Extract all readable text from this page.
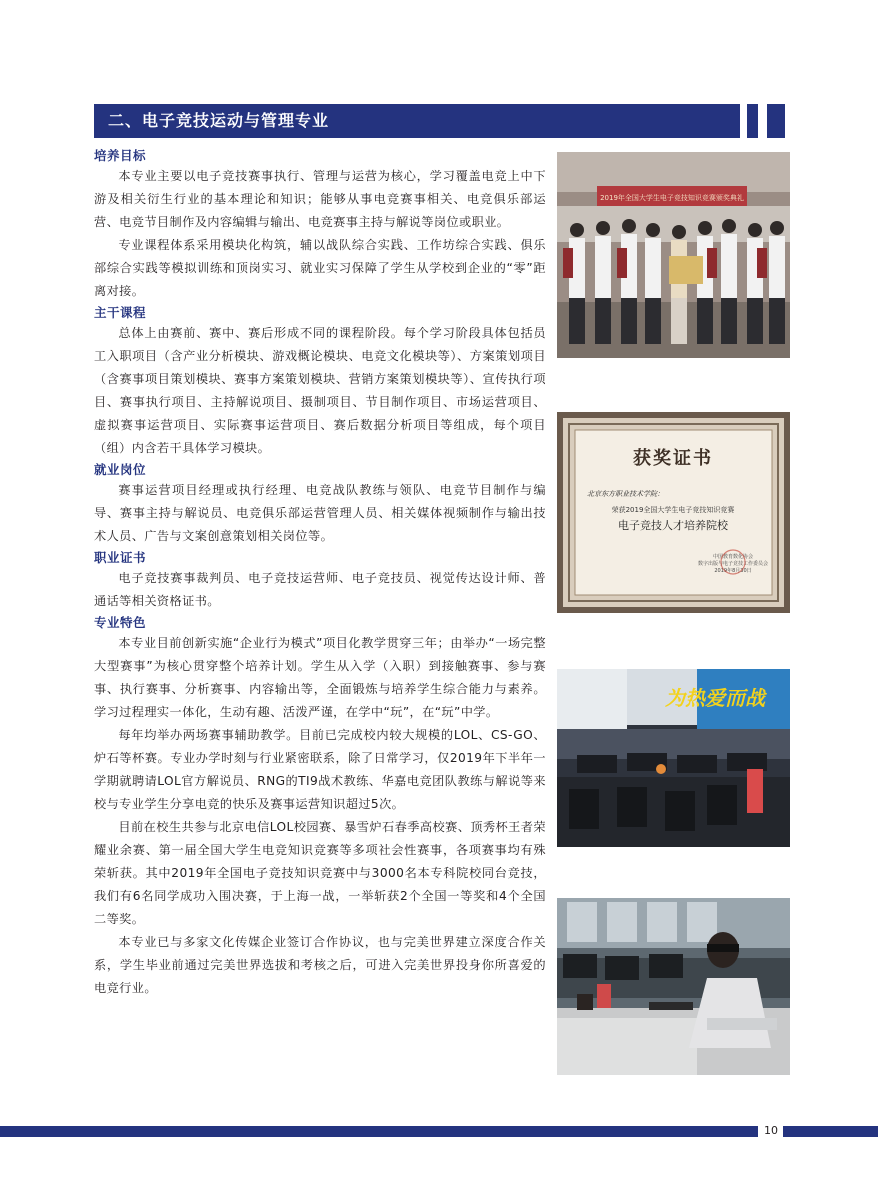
二、电子竞技运动与管理专业
培养目标

本专业主要以电子竞技赛事执行、管理与运营为核心，学习覆盖电竞上中下游及相关衍生行业的基本理论和知识；能够从事电竞赛事相关、电竞俱乐部运营、电竞节目制作及内容编辑与输出、电竞赛事主持与解说等岗位或职业。

专业课程体系采用模块化构筑，辅以战队综合实践、工作坊综合实践、俱乐部综合实践等模拟训练和顶岗实习、就业实习保障了学生从学校到企业的“零”距离对接。

主干课程

总体上由赛前、赛中、赛后形成不同的课程阶段。每个学习阶段具体包括员工入职项目（含产业分析模块、游戏概论模块、电竞文化模块等）、方案策划项目（含赛事项目策划模块、赛事方案策划模块、营销方案策划模块等）、宣传执行项目、赛事执行项目、主持解说项目、摄制项目、节目制作项目、市场运营项目、虚拟赛事运营项目、实际赛事运营项目、赛后数据分析项目等组成，每个项目（组）内含若干具体学习模块。

就业岗位

赛事运营项目经理或执行经理、电竞战队教练与领队、电竞节目制作与编导、赛事主持与解说员、电竞俱乐部运营管理人员、相关媒体视频制作与输出技术人员、广告与文案创意策划相关岗位等。

职业证书

电子竞技赛事裁判员、电子竞技运营师、电子竞技员、视觉传达设计师、普通话等相关资格证书。

专业特色

本专业目前创新实施“企业行为模式”项目化教学贯穿三年；由举办“一场完整大型赛事”为核心贯穿整个培养计划。学生从入学（入职）到接触赛事、参与赛事、执行赛事、分析赛事、内容输出等，全面锻炼与培养学生综合能力与素养。学习过程理实一体化，生动有趣、活泼严谨，在学中“玩”，在“玩”中学。

每年均举办两场赛事辅助教学。目前已完成校内较大规模的LOL、CS-GO、炉石等杯赛。专业办学时刻与行业紧密联系，除了日常学习，仅2019年下半年一学期就聘请LOL官方解说员、RNG的TI9战术教练、华嘉电竞团队教练与解说等来校与专业学生分享电竞的快乐及赛事运营知识超过5次。

目前在校生共参与北京电信LOL校园赛、暴雪炉石春季高校赛、顶秀杯王者荣耀业余赛、第一届全国大学生电竞知识竞赛等多项社会性赛事，各项赛事均有殊荣斩获。其中2019年全国电子竞技知识竞赛中与3000名本专科院校同台竞技，我们有6名同学成功入围决赛，于上海一战，一举斩获2个全国一等奖和4个全国二等奖。

本专业已与多家文化传媒企业签订合作协议，也与完美世界建立深度合作关系，学生毕业前通过完美世界选拔和考核之后，可进入完美世界投身你所喜爱的电竞行业。

2019年全国大学生电子竞技知识竞赛颁奖典礼
获奖证书
北京东方职业技术学院：
荣获2019全国大学生电子竞技知识竞赛
电子竞技人才培养院校
中国教育数化协会
数字出版与电子竞技工作委员会
2019年8月30日
为热爱而战
10
